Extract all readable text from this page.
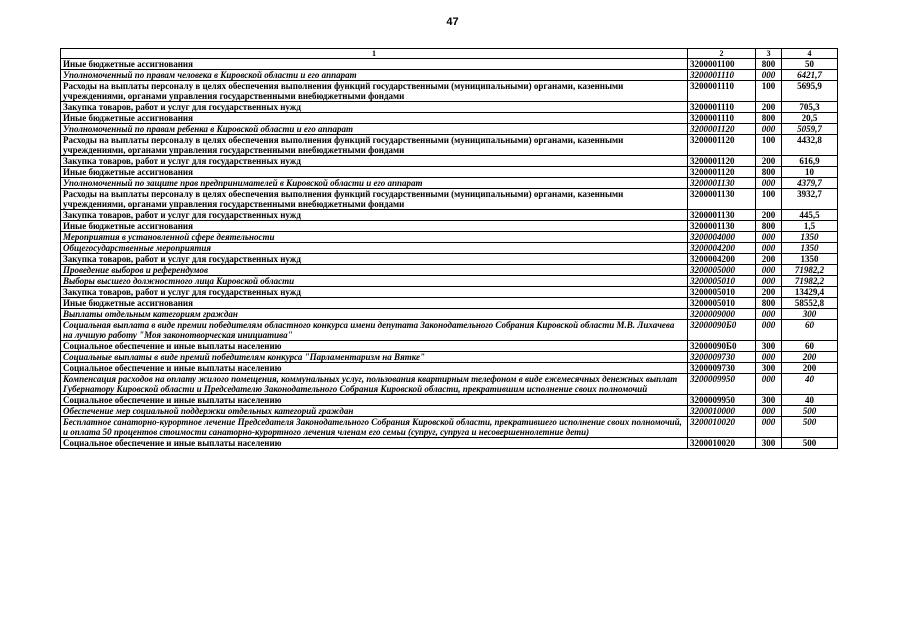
47
1	2	3	4
Иные бюджетные ассигнования	3200001100	800	50
Уполномоченный по правам человека в Кировской области и его аппарат	3200001110	000	6421,7
Расходы на выплаты персоналу в целях обеспечения выполнения функций государственными (муниципальными) органами, казенными учреждениями, органами управления государственными внебюджетными фондами	3200001110	100	5695,9
Закупка товаров, работ и услуг для государственных нужд	3200001110	200	705,3
Иные бюджетные ассигнования	3200001110	800	20,5
Уполномоченный по правам ребенка в Кировской области и его аппарат	3200001120	000	5059,7
Расходы на выплаты персоналу в целях обеспечения выполнения функций государственными (муниципальными) органами, казенными учреждениями, органами управления государственными внебюджетными фондами	3200001120	100	4432,8
Закупка товаров, работ и услуг для государственных нужд	3200001120	200	616,9
Иные бюджетные ассигнования	3200001120	800	10
Уполномоченный по защите прав предпринимателей в Кировской области и его аппарат	3200001130	000	4379,7
Расходы на выплаты персоналу в целях обеспечения выполнения функций государственными (муниципальными) органами, казенными учреждениями, органами управления государственными внебюджетными фондами	3200001130	100	3932,7
Закупка товаров, работ и услуг для государственных нужд	3200001130	200	445,5
Иные бюджетные ассигнования	3200001130	800	1,5
Мероприятия в установленной сфере деятельности	3200004000	000	1350
Общегосударственные мероприятия	3200004200	000	1350
Закупка товаров, работ и услуг для государственных нужд	3200004200	200	1350
Проведение выборов и референдумов	3200005000	000	71982,2
Выборы высшего должностного лица Кировской области	3200005010	000	71982,2
Закупка товаров, работ и услуг для государственных нужд	3200005010	200	13429,4
Иные бюджетные ассигнования	3200005010	800	58552,8
Выплаты отдельным категориям граждан	3200009000	000	300
Социальная выплата в виде премии победителям областного конкурса имени депутата Законодательного Собрания Кировской области М.В. Лихачева на лучшую работу "Моя законотворческая инициатива"	32000090Б0	000	60
Социальное обеспечение и иные выплаты населению	32000090Б0	300	60
Социальные выплаты в виде премий победителям конкурса "Парламентаризм на Вятке"	3200009730	000	200
Социальное обеспечение и иные выплаты населению	3200009730	300	200
Компенсация расходов на оплату жилого помещения, коммунальных услуг, пользования квартирным телефоном в виде ежемесячных денежных выплат Губернатору Кировской области и Председателю Законодательного Собрания Кировской области, прекратившим исполнение своих полномочий	3200009950	000	40
Социальное обеспечение и иные выплаты населению	3200009950	300	40
Обеспечение мер социальной поддержки отдельных категорий граждан	3200010000	000	500
Бесплатное санаторно-курортное лечение Председателя Законодательного Собрания Кировской области, прекратившего исполнение своих полномочий, и оплата 50 процентов стоимости санаторно-курортного лечения членам его семьи (супруг, супруга и несовершеннолетние дети)	3200010020	000	500
Социальное обеспечение и иные выплаты населению	3200010020	300	500
